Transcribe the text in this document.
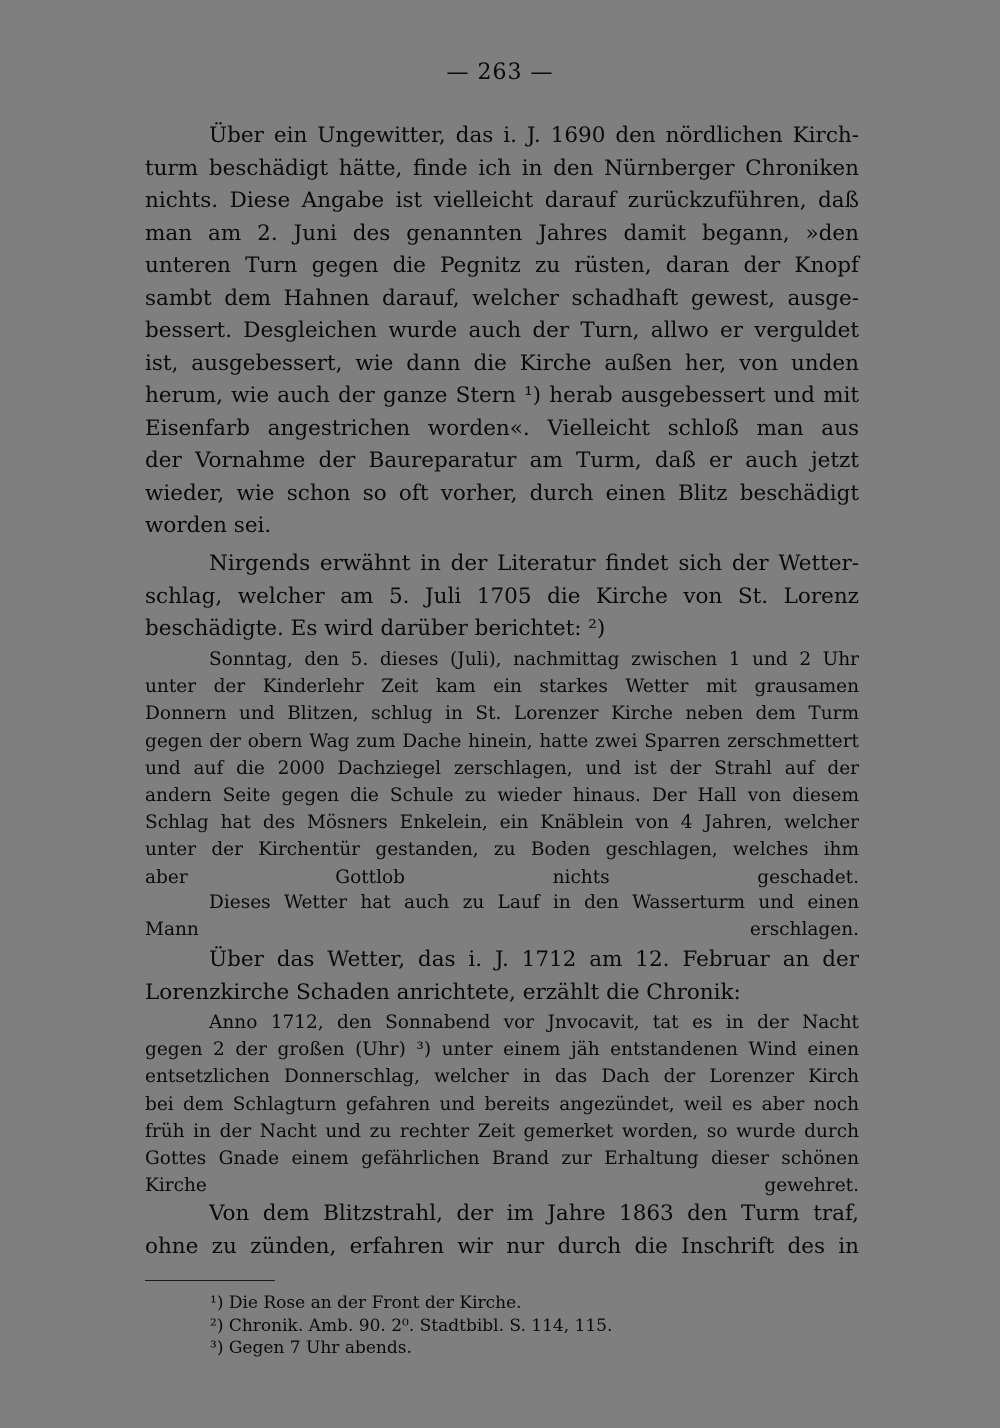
— 263 —
Über ein Ungewitter, das i. J. 1690 den nördlichen Kirch-
turm beschädigt hätte, finde ich in den Nürnberger Chroniken
nichts. Diese Angabe ist vielleicht darauf zurückzuführen, daß
man am 2. Juni des genannten Jahres damit begann, »den
unteren Turn gegen die Pegnitz zu rüsten, daran der Knopf
sambt dem Hahnen darauf, welcher schadhaft gewest, ausge-
bessert. Desgleichen wurde auch der Turn, allwo er verguldet
ist, ausgebessert, wie dann die Kirche außen her, von unden
herum, wie auch der ganze Stern ¹) herab ausgebessert und mit
Eisenfarb angestrichen worden«. Vielleicht schloß man aus
der Vornahme der Baureparatur am Turm, daß er auch jetzt
wieder, wie schon so oft vorher, durch einen Blitz beschädigt
worden sei.
Nirgends erwähnt in der Literatur findet sich der Wetter-
schlag, welcher am 5. Juli 1705 die Kirche von St. Lorenz
beschädigte. Es wird darüber berichtet: ²)
Sonntag, den 5. dieses (Juli), nachmittag zwischen 1 und 2 Uhr
unter der Kinderlehr Zeit kam ein starkes Wetter mit grausamen
Donnern und Blitzen, schlug in St. Lorenzer Kirche neben dem Turm
gegen der obern Wag zum Dache hinein, hatte zwei Sparren zerschmettert
und auf die 2000 Dachziegel zerschlagen, und ist der Strahl auf der
andern Seite gegen die Schule zu wieder hinaus. Der Hall von diesem
Schlag hat des Mösners Enkelein, ein Knäblein von 4 Jahren, welcher
unter der Kirchentür gestanden, zu Boden geschlagen, welches ihm
aber Gottlob nichts geschadet.
Dieses Wetter hat auch zu Lauf in den Wasserturm und einen
Mann erschlagen.
Über das Wetter, das i. J. 1712 am 12. Februar an der
Lorenzkirche Schaden anrichtete, erzählt die Chronik:
Anno 1712, den Sonnabend vor Jnvocavit, tat es in der Nacht
gegen 2 der großen (Uhr) ³) unter einem jäh entstandenen Wind einen
entsetzlichen Donnerschlag, welcher in das Dach der Lorenzer Kirch
bei dem Schlagturn gefahren und bereits angezündet, weil es aber noch
früh in der Nacht und zu rechter Zeit gemerket worden, so wurde durch
Gottes Gnade einem gefährlichen Brand zur Erhaltung dieser schönen
Kirche gewehret.
Von dem Blitzstrahl, der im Jahre 1863 den Turm traf,
ohne zu zünden, erfahren wir nur durch die Inschrift des in
¹) Die Rose an der Front der Kirche.
²) Chronik. Amb. 90. 2⁰. Stadtbibl. S. 114, 115.
³) Gegen 7 Uhr abends.
